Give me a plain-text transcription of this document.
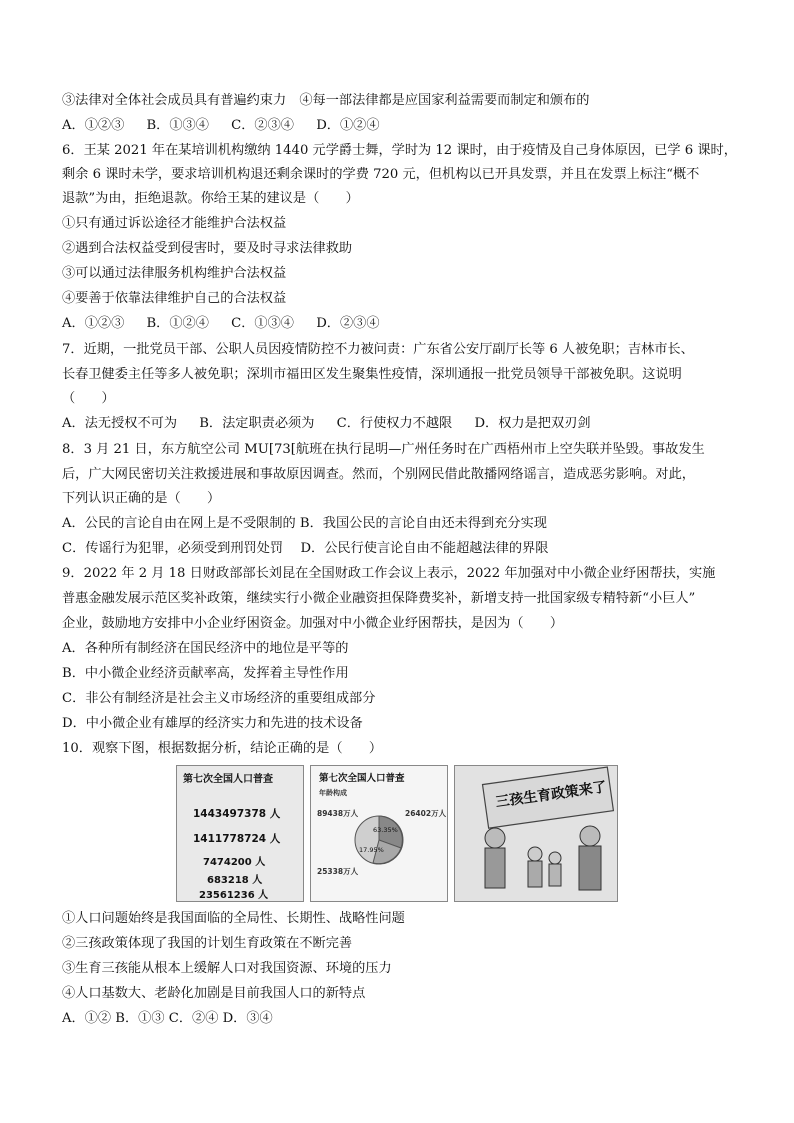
③法律对全体社会成员具有普遍约束力　④每一部法律都是应国家利益需要而制定和颁布的
A．①②③ B．①③④ C．②③④ D．①②④
6．王某 2021 年在某培训机构缴纳 1440 元学爵士舞，学时为 12 课时，由于疫情及自己身体原因，已学 6 课时，
剩余 6 课时未学，要求培训机构退还剩余课时的学费 720 元，但机构以已开具发票，并且在发票上标注“概不
退款”为由，拒绝退款。你给王某的建议是（　　）
①只有通过诉讼途径才能维护合法权益
②遇到合法权益受到侵害时，要及时寻求法律救助
③可以通过法律服务机构维护合法权益
④要善于依靠法律维护自己的合法权益
A．①②③ B．①②④ C．①③④ D．②③④
7．近期，一批党员干部、公职人员因疫情防控不力被问责：广东省公安厅副厅长等 6 人被免职；吉林市长、
长春卫健委主任等多人被免职；深圳市福田区发生聚集性疫情，深圳通报一批党员领导干部被免职。这说明
（　　）
A．法无授权不可为 B．法定职责必须为 C．行使权力不越限 D．权力是把双刃剑
8．3 月 21 日，东方航空公司 MU[73[航班在执行昆明—广州任务时在广西梧州市上空失联并坠毁。事故发生
后，广大网民密切关注救援进展和事故原因调查。然而，个别网民借此散播网络谣言，造成恶劣影响。对此，
下列认识正确的是（　　）
A．公民的言论自由在网上是不受限制的 B．我国公民的言论自由还未得到充分实现
C．传谣行为犯罪，必须受到刑罚处罚　 D．公民行使言论自由不能超越法律的界限
9．2022 年 2 月 18 日财政部部长刘昆在全国财政工作会议上表示，2022 年加强对中小微企业纾困帮扶，实施
普惠金融发展示范区奖补政策，继续实行小微企业融资担保降费奖补，新增支持一批国家级专精特新“小巨人”
企业，鼓励地方安排中小企业纾困资金。加强对中小微企业纾困帮扶，是因为（　　）
A．各种所有制经济在国民经济中的地位是平等的
B．中小微企业经济贡献率高，发挥着主导性作用
C．非公有制经济是社会主义市场经济的重要组成部分
D．中小微企业有雄厚的经济实力和先进的技术设备
10．观察下图，根据数据分析，结论正确的是（　　）
第七次全国人口普查
1443497378 人
1411778724 人
7474200 人
683218 人
23561236 人
第七次全国人口普查
年龄构成
89438万人	26402万人
25338万人
63.35%
17.95%
三孩生育政策来了
①人口问题始终是我国面临的全局性、长期性、战略性问题
②三孩政策体现了我国的计划生育政策在不断完善
③生育三孩能从根本上缓解人口对我国资源、环境的压力
④人口基数大、老龄化加剧是目前我国人口的新特点
A．①② B．①③ C．②④ D．③④
